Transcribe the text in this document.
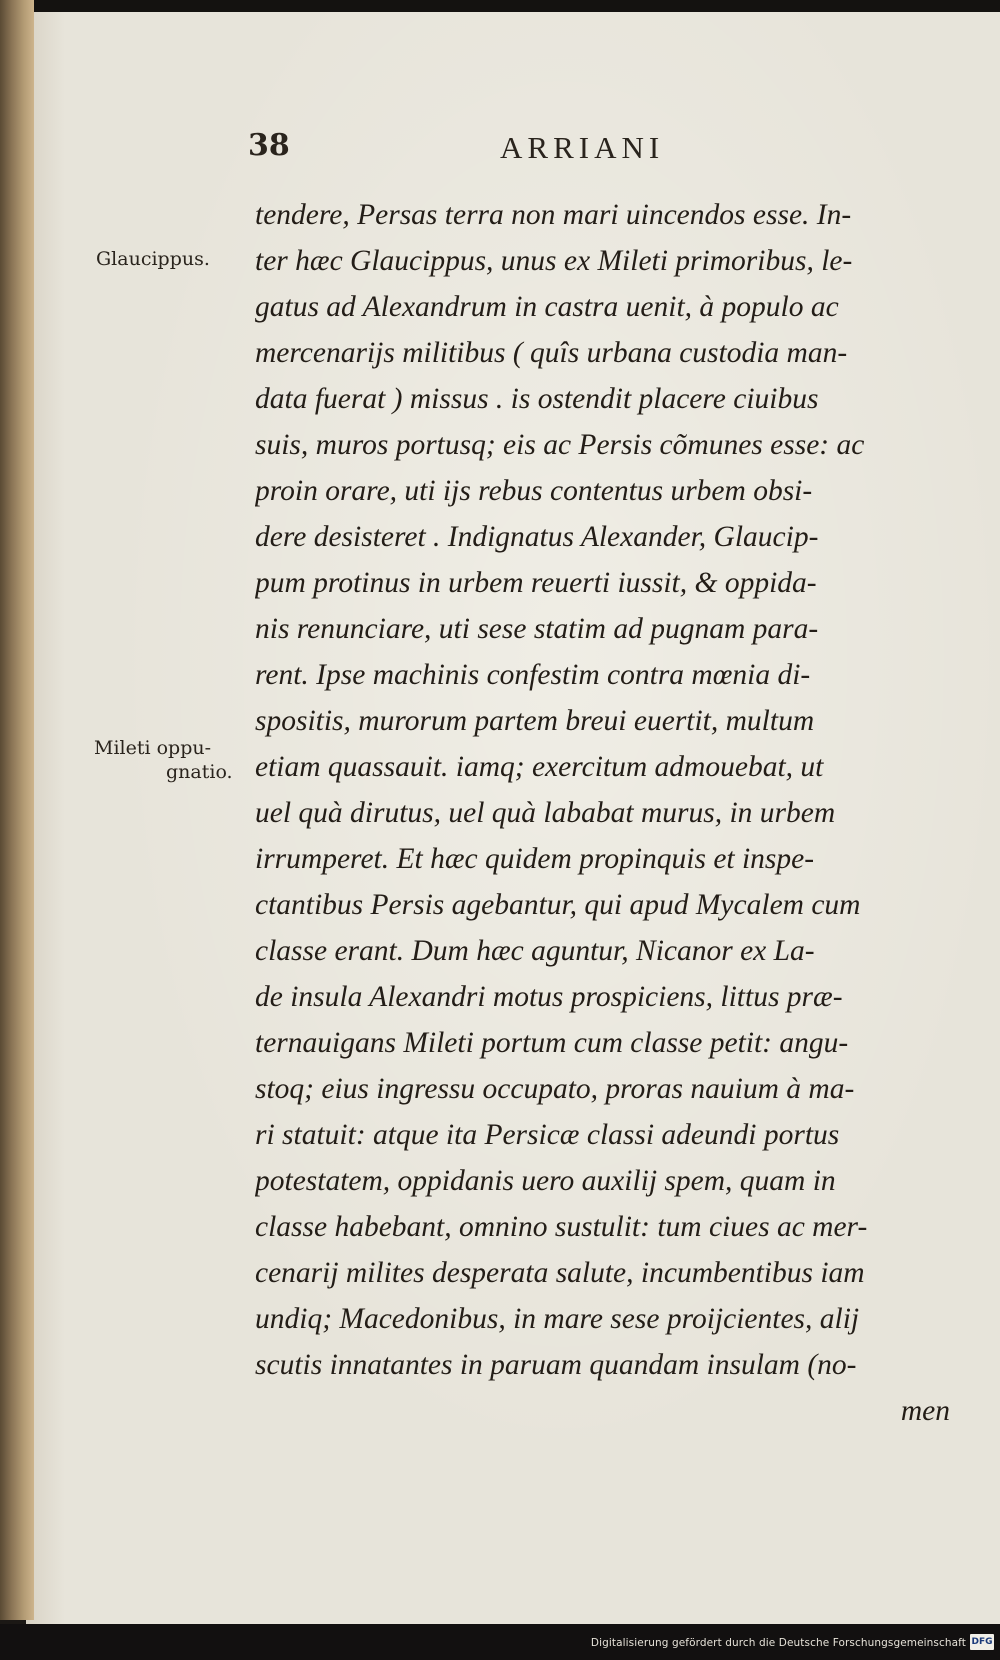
38	ARRIANI
Glaucippus.
Mileti oppu-
gnatio.
tendere, Persas terra non mari uincendos esse. In-
ter hæc Glaucippus, unus ex Mileti primoribus, le-
gatus ad Alexandrum in castra uenit, à populo ac
mercenarijs militibus ( quîs urbana custodia man-
data fuerat ) missus . is ostendit placere ciuibus
suis, muros portusq; eis ac Persis cõmunes esse: ac
proin orare, uti ijs rebus contentus urbem obsi-
dere desisteret . Indignatus Alexander, Glaucip-
pum protinus in urbem reuerti iussit, & oppida-
nis renunciare, uti sese statim ad pugnam para-
rent. Ipse machinis confestim contra mœnia di-
spositis, murorum partem breui euertit, multum
etiam quassauit. iamq; exercitum admouebat, ut
uel quà dirutus, uel quà lababat murus, in urbem
irrumperet. Et hæc quidem propinquis et inspe-
ctantibus Persis agebantur, qui apud Mycalem cum
classe erant. Dum hæc aguntur, Nicanor ex La-
de insula Alexandri motus prospiciens, littus præ-
ternauigans Mileti portum cum classe petit: angu-
stoq; eius ingressu occupato, proras nauium à ma-
ri statuit: atque ita Persicæ classi adeundi portus
potestatem, oppidanis uero auxilij spem, quam in
classe habebant, omnino sustulit: tum ciues ac mer-
cenarij milites desperata salute, incumbentibus iam
undiq; Macedonibus, in mare sese proijcientes, alij
scutis innatantes in paruam quandam insulam (no-
men
Digitalisierung gefördert durch die Deutsche Forschungsgemeinschaft DFG
